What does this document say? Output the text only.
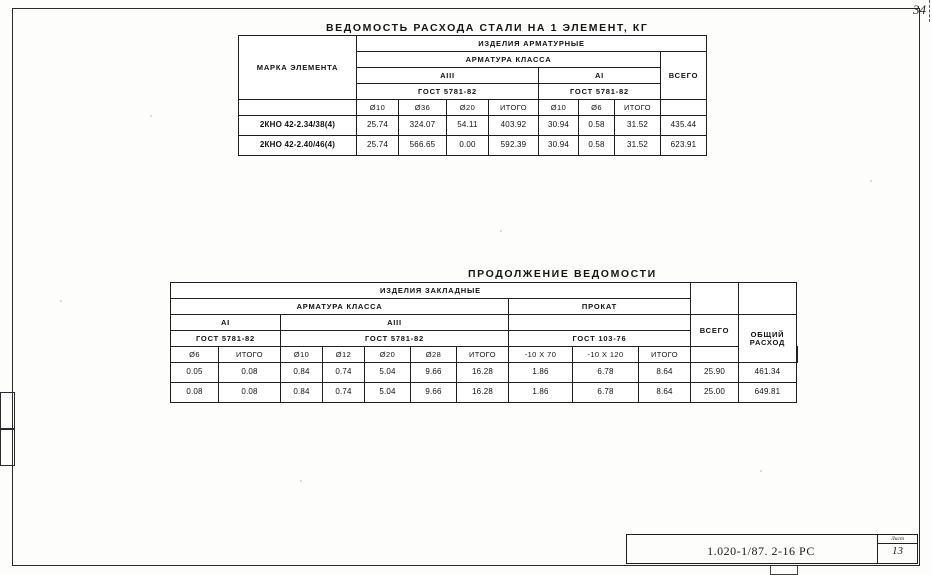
34
ВЕДОМОСТЬ РАСХОДА СТАЛИ НА 1 ЭЛЕМЕНТ, КГ
МАРКА ЭЛЕМЕНТА	ИЗДЕЛИЯ АРМАТУРНЫЕ							
	АРМАТУРА КЛАССА							ВСЕГО
	АIII				АI			
	ГОСТ 5781-82				ГОСТ 5781-82			
	Ø10	Ø36	Ø20	ИТОГО	Ø10	Ø6	ИТОГО	
2КНО 42-2.34/38(4)	25.74	324.07	54.11	403.92	30.94	0.58	31.52	435.44
2КНО 42-2.40/46(4)	25.74	566.65	0.00	592.39	30.94	0.58	31.52	623.91
ПРОДОЛЖЕНИЕ ВЕДОМОСТИ
ИЗДЕЛИЯ ЗАКЛАДНЫЕ												
АРМАТУРА КЛАССА							ПРОКАТ					
АI		АIII								ВСЕГО	ОБЩИЙ РАСХОД	
ГОСТ 5781-82		ГОСТ 5781-82					ГОСТ 103-76					
Ø6	ИТОГО	Ø10	Ø12	Ø20	Ø28	ИТОГО	-10 X 70	-10 X 120	ИТОГО			
0.05	0.08	0.84	0.74	5.04	9.66	16.28	1.86	6.78	8.64	25.90	461.34	
0.08	0.08	0.84	0.74	5.04	9.66	16.28	1.86	6.78	8.64	25.00	649.81	
1.020-1/87. 2-16 РС
Лист
13
